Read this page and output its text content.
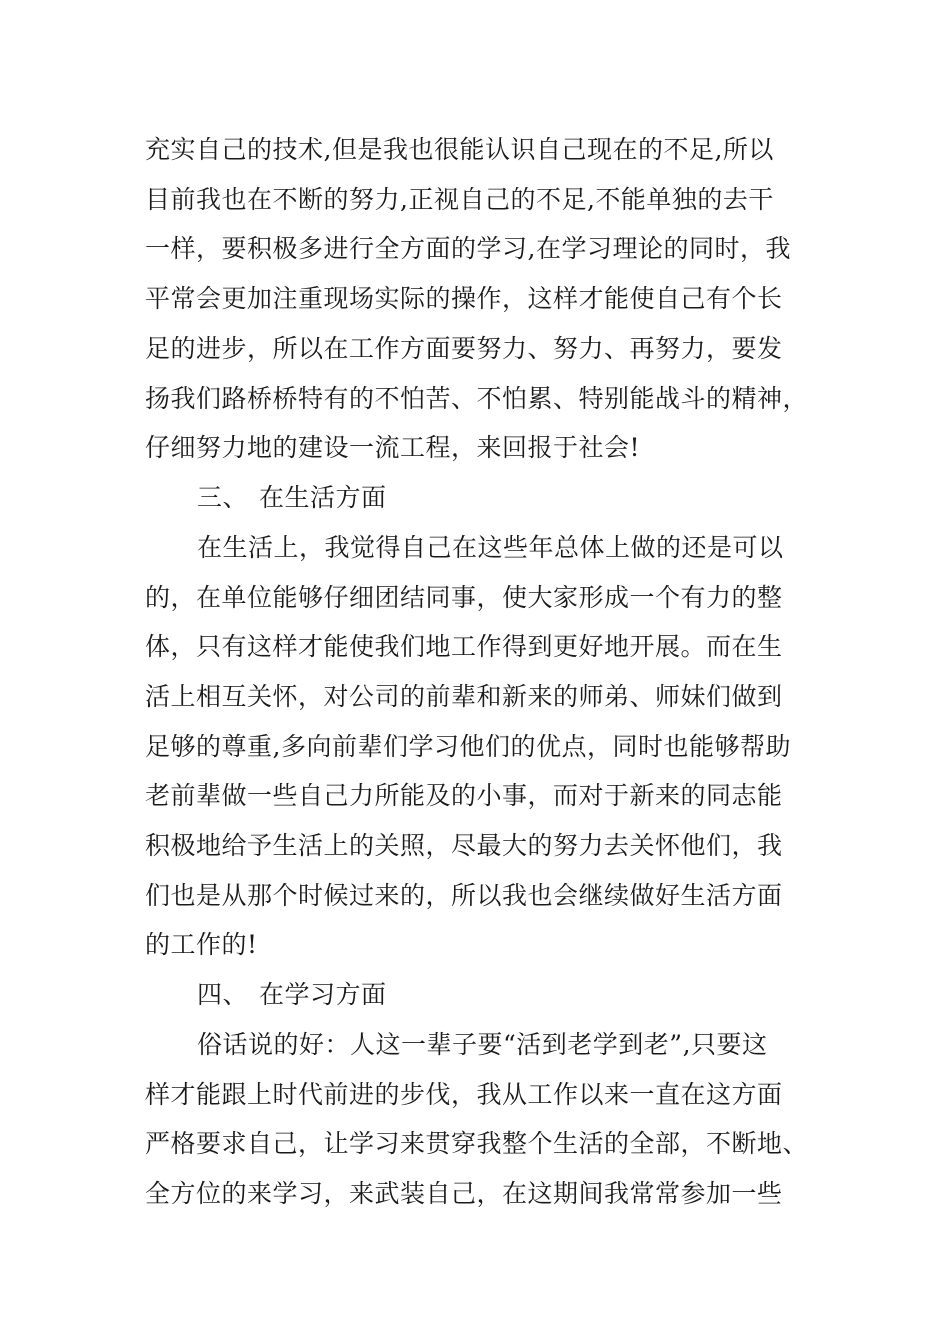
充实自己的技术,但是我也很能认识自己现在的不足,所以
目前我也在不断的努力,正视自己的不足,不能单独的去干
一样，要积极多进行全方面的学习,在学习理论的同时，我
平常会更加注重现场实际的操作，这样才能使自己有个长
足的进步，所以在工作方面要努力、努力、再努力，要发
扬我们路桥桥特有的不怕苦、不怕累、特别能战斗的精神，
仔细努力地的建设一流工程，来回报于社会!
三、 在生活方面
在生活上，我觉得自己在这些年总体上做的还是可以
的，在单位能够仔细团结同事，使大家形成一个有力的整
体，只有这样才能使我们地工作得到更好地开展。而在生
活上相互关怀，对公司的前辈和新来的师弟、师妹们做到
足够的尊重,多向前辈们学习他们的优点，同时也能够帮助
老前辈做一些自己力所能及的小事，而对于新来的同志能
积极地给予生活上的关照，尽最大的努力去关怀他们，我
们也是从那个时候过来的，所以我也会继续做好生活方面
的工作的!
四、 在学习方面
俗话说的好：人这一辈子要“活到老学到老”,只要这
样才能跟上时代前进的步伐，我从工作以来一直在这方面
严格要求自己，让学习来贯穿我整个生活的全部，不断地、
全方位的来学习，来武装自己，在这期间我常常参加一些
